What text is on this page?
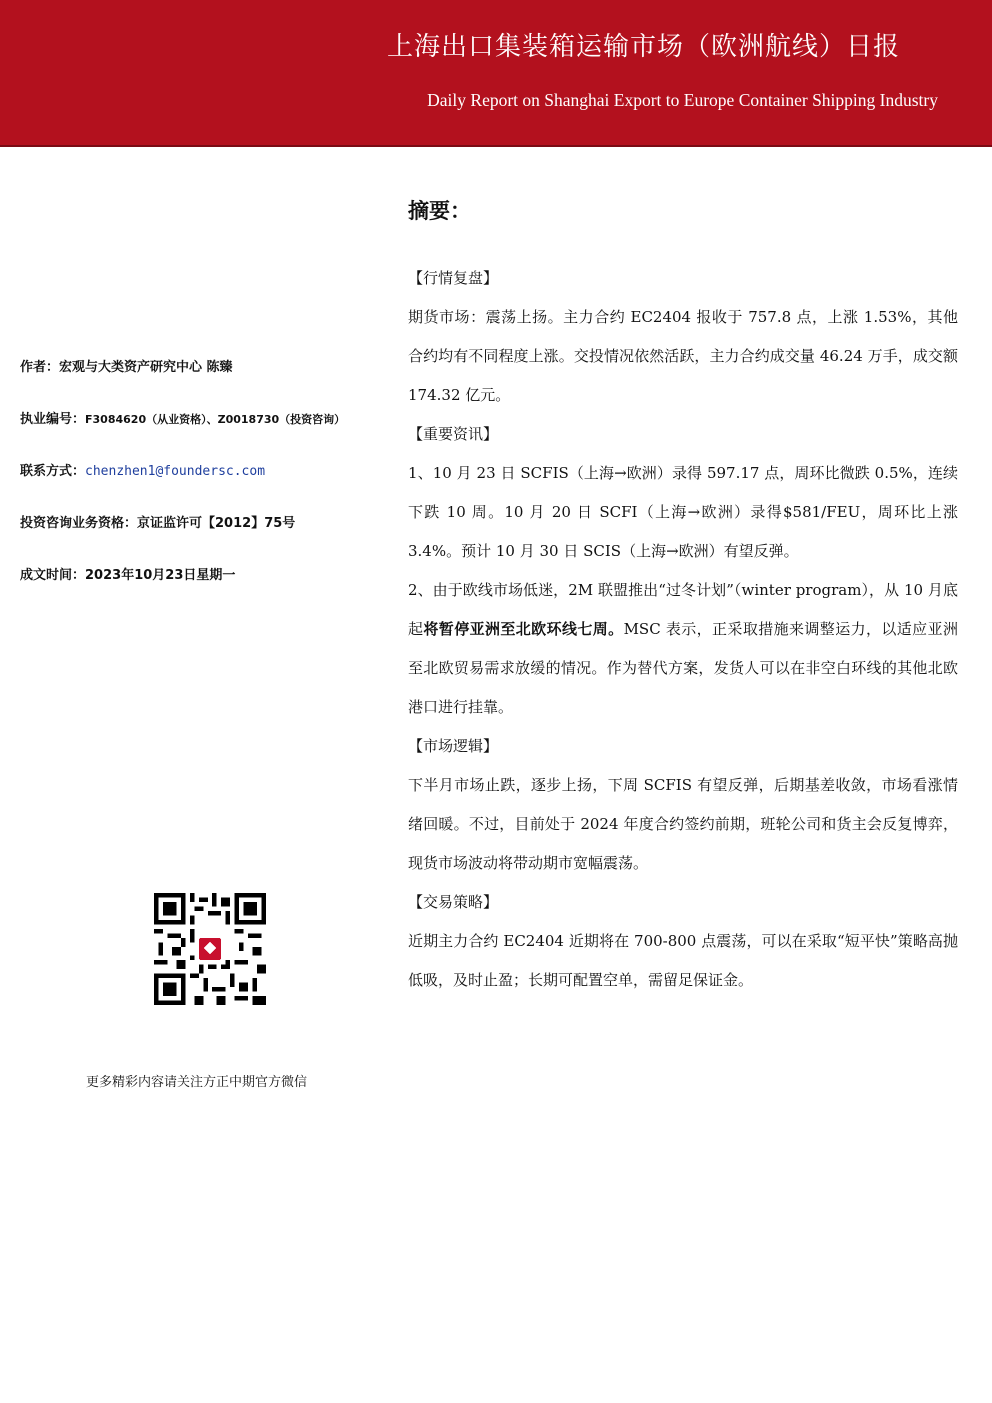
上海出口集装箱运输市场（欧洲航线）日报
Daily Report on Shanghai Export to Europe Container Shipping Industry
作者：宏观与大类资产研究中心 陈臻
执业编号：F3084620（从业资格）、Z0018730（投资咨询）
联系方式：chenzhen1@foundersc.com
投资咨询业务资格：京证监许可【2012】75号
成文时间：2023年10月23日星期一
更多精彩内容请关注方正中期官方微信
摘要：
【行情复盘】

期货市场：震荡上扬。主力合约 EC2404 报收于 757.8 点，上涨 1.53%，其他合约均有不同程度上涨。交投情况依然活跃，主力合约成交量 46.24 万手，成交额 174.32 亿元。

【重要资讯】

1、10 月 23 日 SCFIS（上海→欧洲）录得 597.17 点，周环比微跌 0.5%，连续下跌 10 周。10 月 20 日 SCFI（上海→欧洲）录得$581/FEU，周环比上涨 3.4%。预计 10 月 30 日 SCIS（上海→欧洲）有望反弹。

2、由于欧线市场低迷，2M 联盟推出“过冬计划”（winter program），从 10 月底起将暂停亚洲至北欧环线七周。MSC 表示，正采取措施来调整运力，以适应亚洲至北欧贸易需求放缓的情况。作为替代方案，发货人可以在非空白环线的其他北欧港口进行挂靠。

【市场逻辑】

下半月市场止跌，逐步上扬，下周 SCFIS 有望反弹，后期基差收敛，市场看涨情绪回暖。不过，目前处于 2024 年度合约签约前期，班轮公司和货主会反复博弈，现货市场波动将带动期市宽幅震荡。

【交易策略】

近期主力合约 EC2404 近期将在 700-800 点震荡，可以在采取“短平快”策略高抛低吸，及时止盈；长期可配置空单，需留足保证金。
